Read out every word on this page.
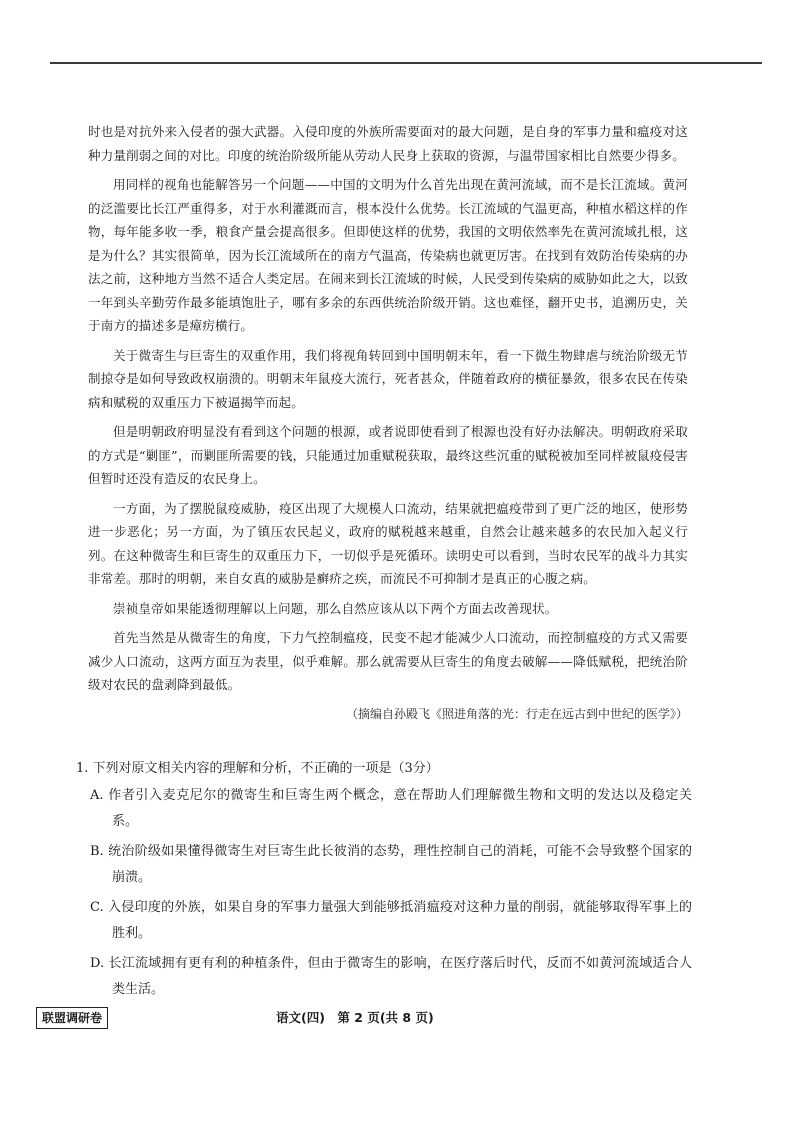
时也是对抗外来入侵者的强大武器。入侵印度的外族所需要面对的最大问题，是自身的军事力量和瘟疫对这种力量削弱之间的对比。印度的统治阶级所能从劳动人民身上获取的资源，与温带国家相比自然要少得多。

用同样的视角也能解答另一个问题——中国的文明为什么首先出现在黄河流域，而不是长江流域。黄河的泛滥要比长江严重得多，对于水利灌溉而言，根本没什么优势。长江流域的气温更高，种植水稻这样的作物，每年能多收一季，粮食产量会提高很多。但即使这样的优势，我国的文明依然率先在黄河流域扎根，这是为什么？其实很简单，因为长江流域所在的南方气温高，传染病也就更厉害。在找到有效防治传染病的办法之前，这种地方当然不适合人类定居。在闹来到长江流域的时候，人民受到传染病的威胁如此之大，以致一年到头辛勤劳作最多能填饱肚子，哪有多余的东西供统治阶级开销。这也难怪，翻开史书，追溯历史，关于南方的描述多是瘴疠横行。

关于微寄生与巨寄生的双重作用，我们将视角转回到中国明朝末年，看一下微生物肆虐与统治阶级无节制掠夺是如何导致政权崩溃的。明朝末年鼠疫大流行，死者甚众，伴随着政府的横征暴敛，很多农民在传染病和赋税的双重压力下被逼揭竿而起。

但是明朝政府明显没有看到这个问题的根源，或者说即使看到了根源也没有好办法解决。明朝政府采取的方式是“剿匪”，而剿匪所需要的钱，只能通过加重赋税获取，最终这些沉重的赋税被加至同样被鼠疫侵害但暂时还没有造反的农民身上。

一方面，为了摆脱鼠疫威胁，疫区出现了大规模人口流动，结果就把瘟疫带到了更广泛的地区，使形势进一步恶化；另一方面，为了镇压农民起义，政府的赋税越来越重，自然会让越来越多的农民加入起义行列。在这种微寄生和巨寄生的双重压力下，一切似乎是死循环。读明史可以看到，当时农民军的战斗力其实非常差。那时的明朝，来自女真的威胁是癣疥之疾，而流民不可抑制才是真正的心腹之病。

崇祯皇帝如果能透彻理解以上问题，那么自然应该从以下两个方面去改善现状。

首先当然是从微寄生的角度，下力气控制瘟疫，民变不起才能减少人口流动，而控制瘟疫的方式又需要减少人口流动，这两方面互为表里，似乎难解。那么就需要从巨寄生的角度去破解——降低赋税，把统治阶级对农民的盘剥降到最低。

（摘编自孙殿飞《照进角落的光：行走在远古到中世纪的医学》）
1. 下列对原文相关内容的理解和分析，不正确的一项是（3分）
A. 作者引入麦克尼尔的微寄生和巨寄生两个概念，意在帮助人们理解微生物和文明的发达以及稳定关系。
B. 统治阶级如果懂得微寄生对巨寄生此长彼消的态势，理性控制自己的消耗，可能不会导致整个国家的崩溃。
C. 入侵印度的外族，如果自身的军事力量强大到能够抵消瘟疫对这种力量的削弱，就能够取得军事上的胜利。
D. 长江流域拥有更有利的种植条件，但由于微寄生的影响，在医疗落后时代，反而不如黄河流域适合人类生活。
联盟调研卷	语文(四)　第 2 页(共 8 页)
